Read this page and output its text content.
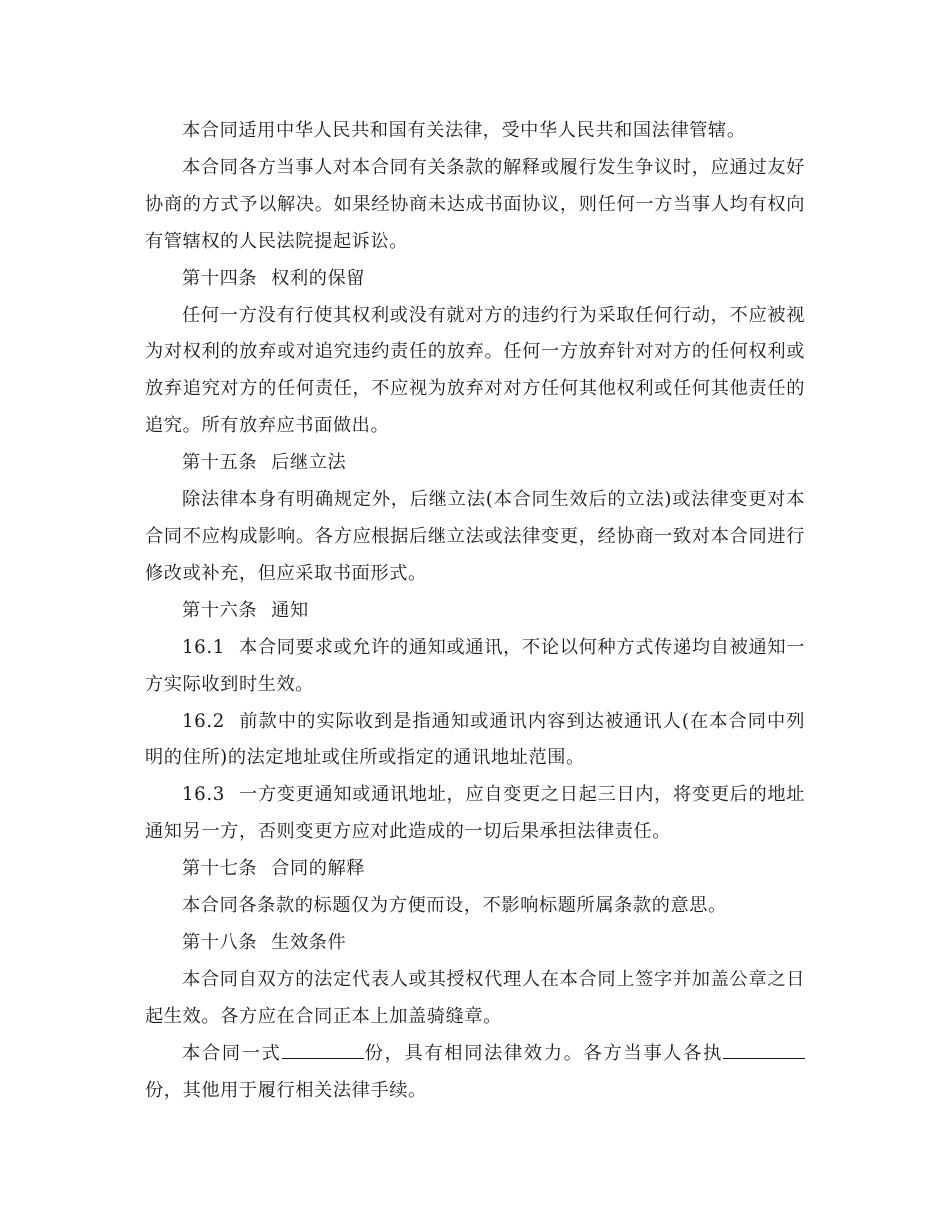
本合同适用中华人民共和国有关法律，受中华人民共和国法律管辖。

本合同各方当事人对本合同有关条款的解释或履行发生争议时，应通过友好协商的方式予以解决。如果经协商未达成书面协议，则任何一方当事人均有权向有管辖权的人民法院提起诉讼。

第十四条 权利的保留

任何一方没有行使其权利或没有就对方的违约行为采取任何行动，不应被视为对权利的放弃或对追究违约责任的放弃。任何一方放弃针对对方的任何权利或放弃追究对方的任何责任，不应视为放弃对对方任何其他权利或任何其他责任的追究。所有放弃应书面做出。

第十五条 后继立法

除法律本身有明确规定外，后继立法(本合同生效后的立法)或法律变更对本合同不应构成影响。各方应根据后继立法或法律变更，经协商一致对本合同进行修改或补充，但应采取书面形式。

第十六条 通知

16.1 本合同要求或允许的通知或通讯，不论以何种方式传递均自被通知一方实际收到时生效。

16.2 前款中的实际收到是指通知或通讯内容到达被通讯人(在本合同中列明的住所)的法定地址或住所或指定的通讯地址范围。

16.3 一方变更通知或通讯地址，应自变更之日起三日内，将变更后的地址通知另一方，否则变更方应对此造成的一切后果承担法律责任。

第十七条 合同的解释

本合同各条款的标题仅为方便而设，不影响标题所属条款的意思。

第十八条 生效条件

本合同自双方的法定代表人或其授权代理人在本合同上签字并加盖公章之日起生效。各方应在合同正本上加盖骑缝章。

本合同一式	份，具有相同法律效力。各方当事人各执份，其他用于履行相关法律手续。
